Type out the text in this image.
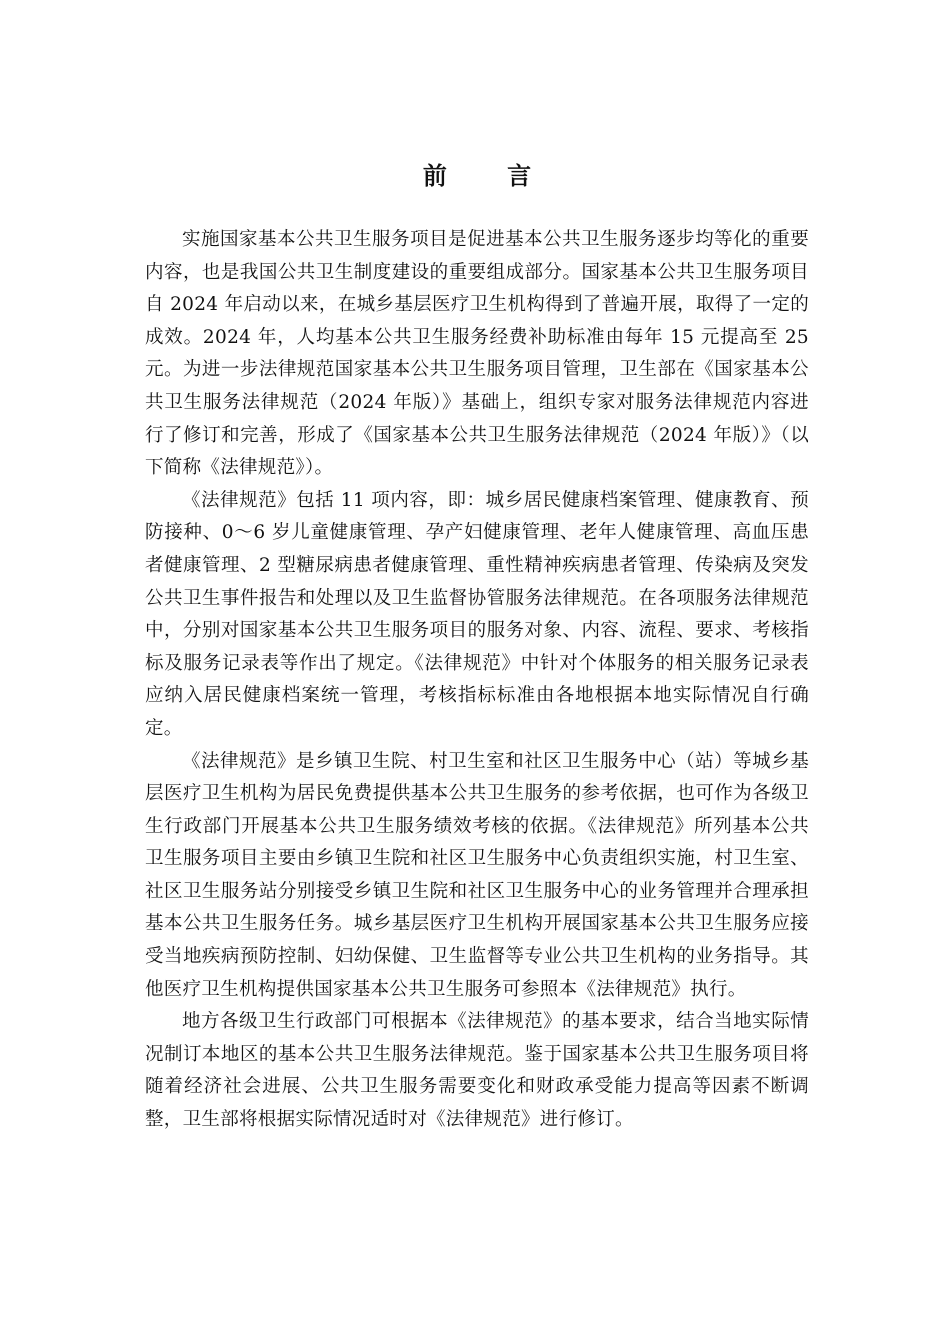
前 言

实施国家基本公共卫生服务项目是促进基本公共卫生服务逐步均等化的重要内容，也是我国公共卫生制度建设的重要组成部分。国家基本公共卫生服务项目自 2024 年启动以来，在城乡基层医疗卫生机构得到了普遍开展，取得了一定的成效。2024 年，人均基本公共卫生服务经费补助标准由每年 15 元提高至 25 元。为进一步法律规范国家基本公共卫生服务项目管理，卫生部在《国家基本公共卫生服务法律规范（2024 年版）》基础上，组织专家对服务法律规范内容进行了修订和完善，形成了《国家基本公共卫生服务法律规范（2024 年版）》（以下简称《法律规范》）。

《法律规范》包括 11 项内容，即：城乡居民健康档案管理、健康教育、预防接种、0～6 岁儿童健康管理、孕产妇健康管理、老年人健康管理、高血压患者健康管理、2 型糖尿病患者健康管理、重性精神疾病患者管理、传染病及突发公共卫生事件报告和处理以及卫生监督协管服务法律规范。在各项服务法律规范中，分别对国家基本公共卫生服务项目的服务对象、内容、流程、要求、考核指标及服务记录表等作出了规定。《法律规范》中针对个体服务的相关服务记录表应纳入居民健康档案统一管理，考核指标标准由各地根据本地实际情况自行确定。

《法律规范》是乡镇卫生院、村卫生室和社区卫生服务中心（站）等城乡基层医疗卫生机构为居民免费提供基本公共卫生服务的参考依据，也可作为各级卫生行政部门开展基本公共卫生服务绩效考核的依据。《法律规范》所列基本公共卫生服务项目主要由乡镇卫生院和社区卫生服务中心负责组织实施，村卫生室、社区卫生服务站分别接受乡镇卫生院和社区卫生服务中心的业务管理并合理承担基本公共卫生服务任务。城乡基层医疗卫生机构开展国家基本公共卫生服务应接受当地疾病预防控制、妇幼保健、卫生监督等专业公共卫生机构的业务指导。其他医疗卫生机构提供国家基本公共卫生服务可参照本《法律规范》执行。

地方各级卫生行政部门可根据本《法律规范》的基本要求，结合当地实际情况制订本地区的基本公共卫生服务法律规范。鉴于国家基本公共卫生服务项目将随着经济社会进展、公共卫生服务需要变化和财政承受能力提高等因素不断调整，卫生部将根据实际情况适时对《法律规范》进行修订。
